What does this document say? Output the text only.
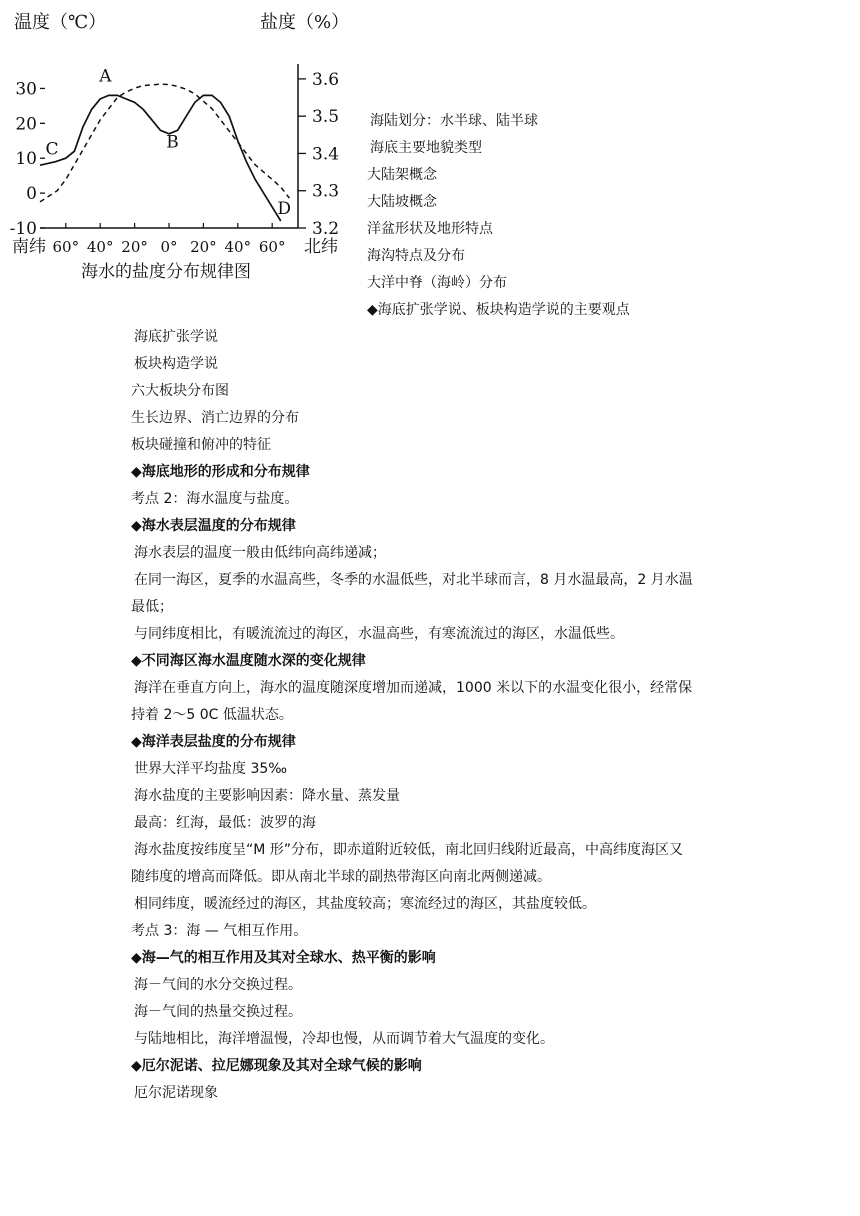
温度（℃）	盐度（%）
30
20
10
0
-10
3.6
3.5
3.4
3.3
3.2
60° 40° 20° 0° 20° 40° 60°
A
B
C
D
南纬	北纬
海水的盐度分布规律图
海陆划分：水半球、陆半球
海底主要地貌类型
大陆架概念
大陆坡概念
洋盆形状及地形特点
海沟特点及分布
大洋中脊（海岭）分布
◆海底扩张学说、板块构造学说的主要观点
海底扩张学说
板块构造学说
六大板块分布图
生长边界、消亡边界的分布
板块碰撞和俯冲的特征
◆海底地形的形成和分布规律
考点 2：海水温度与盐度。
◆海水表层温度的分布规律
海水表层的温度一般由低纬向高纬递减；
在同一海区，夏季的水温高些，冬季的水温低些，对北半球而言，8 月水温最高，2 月水温
最低；
与同纬度相比，有暖流流过的海区，水温高些，有寒流流过的海区，水温低些。
◆不同海区海水温度随水深的变化规律
海洋在垂直方向上，海水的温度随深度增加而递减，1000 米以下的水温变化很小，经常保
持着 2～5 0C 低温状态。
◆海洋表层盐度的分布规律
世界大洋平均盐度 35‰
海水盐度的主要影响因素：降水量、蒸发量
最高：红海，最低：波罗的海
海水盐度按纬度呈“M 形”分布，即赤道附近较低，南北回归线附近最高，中高纬度海区又
随纬度的增高而降低。即从南北半球的副热带海区向南北两侧递减。
相同纬度，暖流经过的海区，其盐度较高；寒流经过的海区，其盐度较低。
考点 3：海 — 气相互作用。
◆海—气的相互作用及其对全球水、热平衡的影响
海－气间的水分交换过程。
海－气间的热量交换过程。
与陆地相比，海洋增温慢，冷却也慢，从而调节着大气温度的变化。
◆厄尔泥诺、拉尼娜现象及其对全球气候的影响
厄尔泥诺现象
